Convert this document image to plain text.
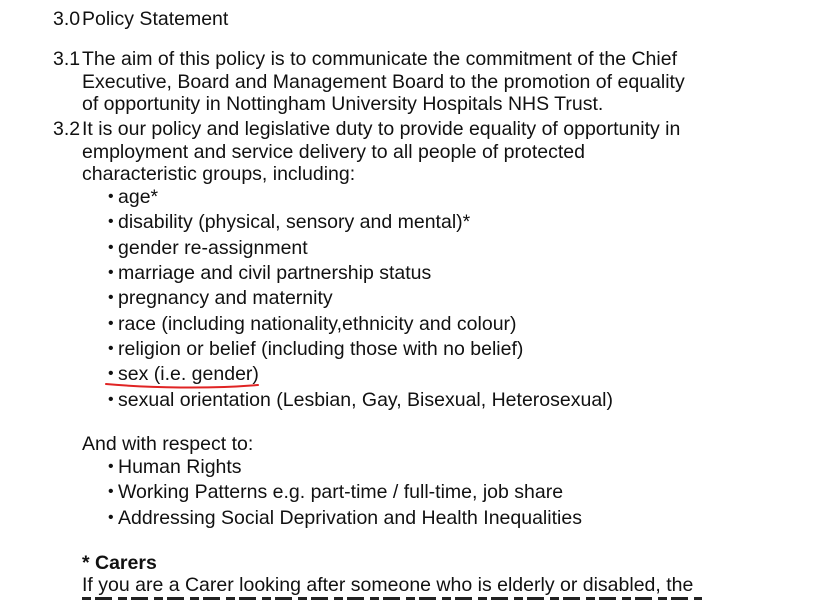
3.0 Policy Statement
3.1 The aim of this policy is to communicate the commitment of the Chief
Executive, Board and Management Board to the promotion of equality
of opportunity in Nottingham University Hospitals NHS Trust.
3.2 It is our policy and legislative duty to provide equality of opportunity in
employment and service delivery to all people of protected
characteristic groups, including:
• age*
• disability (physical, sensory and mental)*
• gender re-assignment
• marriage and civil partnership status
• pregnancy and maternity
• race (including nationality,ethnicity and colour)
• religion or belief (including those with no belief)
• sex (i.e. gender)
• sexual orientation (Lesbian, Gay, Bisexual, Heterosexual)
And with respect to:
• Human Rights
• Working Patterns e.g. part-time / full-time, job share
• Addressing Social Deprivation and Health Inequalities
* Carers
If you are a Carer looking after someone who is elderly or disabled, the
